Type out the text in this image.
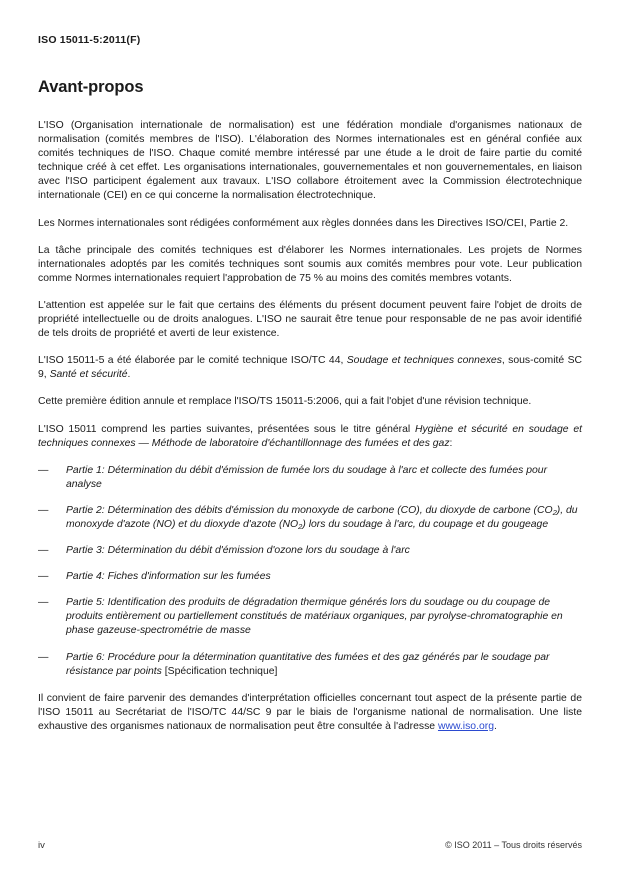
ISO 15011-5:2011(F)
Avant-propos

L'ISO (Organisation internationale de normalisation) est une fédération mondiale d'organismes nationaux de normalisation (comités membres de l'ISO). L'élaboration des Normes internationales est en général confiée aux comités techniques de l'ISO. Chaque comité membre intéressé par une étude a le droit de faire partie du comité technique créé à cet effet. Les organisations internationales, gouvernementales et non gouvernementales, en liaison avec l'ISO participent également aux travaux. L'ISO collabore étroitement avec la Commission électrotechnique internationale (CEI) en ce qui concerne la normalisation électrotechnique.

Les Normes internationales sont rédigées conformément aux règles données dans les Directives ISO/CEI, Partie 2.

La tâche principale des comités techniques est d'élaborer les Normes internationales. Les projets de Normes internationales adoptés par les comités techniques sont soumis aux comités membres pour vote. Leur publication comme Normes internationales requiert l'approbation de 75 % au moins des comités membres votants.

L'attention est appelée sur le fait que certains des éléments du présent document peuvent faire l'objet de droits de propriété intellectuelle ou de droits analogues. L'ISO ne saurait être tenue pour responsable de ne pas avoir identifié de tels droits de propriété et averti de leur existence.

L'ISO 15011-5 a été élaborée par le comité technique ISO/TC 44, Soudage et techniques connexes, sous-comité SC 9, Santé et sécurité.

Cette première édition annule et remplace l'ISO/TS 15011-5:2006, qui a fait l'objet d'une révision technique.

L'ISO 15011 comprend les parties suivantes, présentées sous le titre général Hygiène et sécurité en soudage et techniques connexes — Méthode de laboratoire d'échantillonnage des fumées et des gaz:

— Partie 1: Détermination du débit d'émission de fumée lors du soudage à l'arc et collecte des fumées pour analyse
— Partie 2: Détermination des débits d'émission du monoxyde de carbone (CO), du dioxyde de carbone $(CO_2)$, du monoxyde d'azote (NO) et du dioxyde d'azote $(NO_2)$ lors du soudage à l'arc, du coupage et du gougeage
— Partie 3: Détermination du débit d'émission d'ozone lors du soudage à l'arc
— Partie 4: Fiches d'information sur les fumées
— Partie 5: Identification des produits de dégradation thermique générés lors du soudage ou du coupage de produits entièrement ou partiellement constitués de matériaux organiques, par pyrolyse-chromatographie en phase gazeuse-spectrométrie de masse
— Partie 6: Procédure pour la détermination quantitative des fumées et des gaz générés par le soudage par résistance par points [Spécification technique]

Il convient de faire parvenir des demandes d'interprétation officielles concernant tout aspect de la présente partie de l'ISO 15011 au Secrétariat de l'ISO/TC 44/SC 9 par le biais de l'organisme national de normalisation. Une liste exhaustive des organismes nationaux de normalisation peut être consultée à l'adresse www.iso.org.

iv	© ISO 2011 – Tous droits réservés
